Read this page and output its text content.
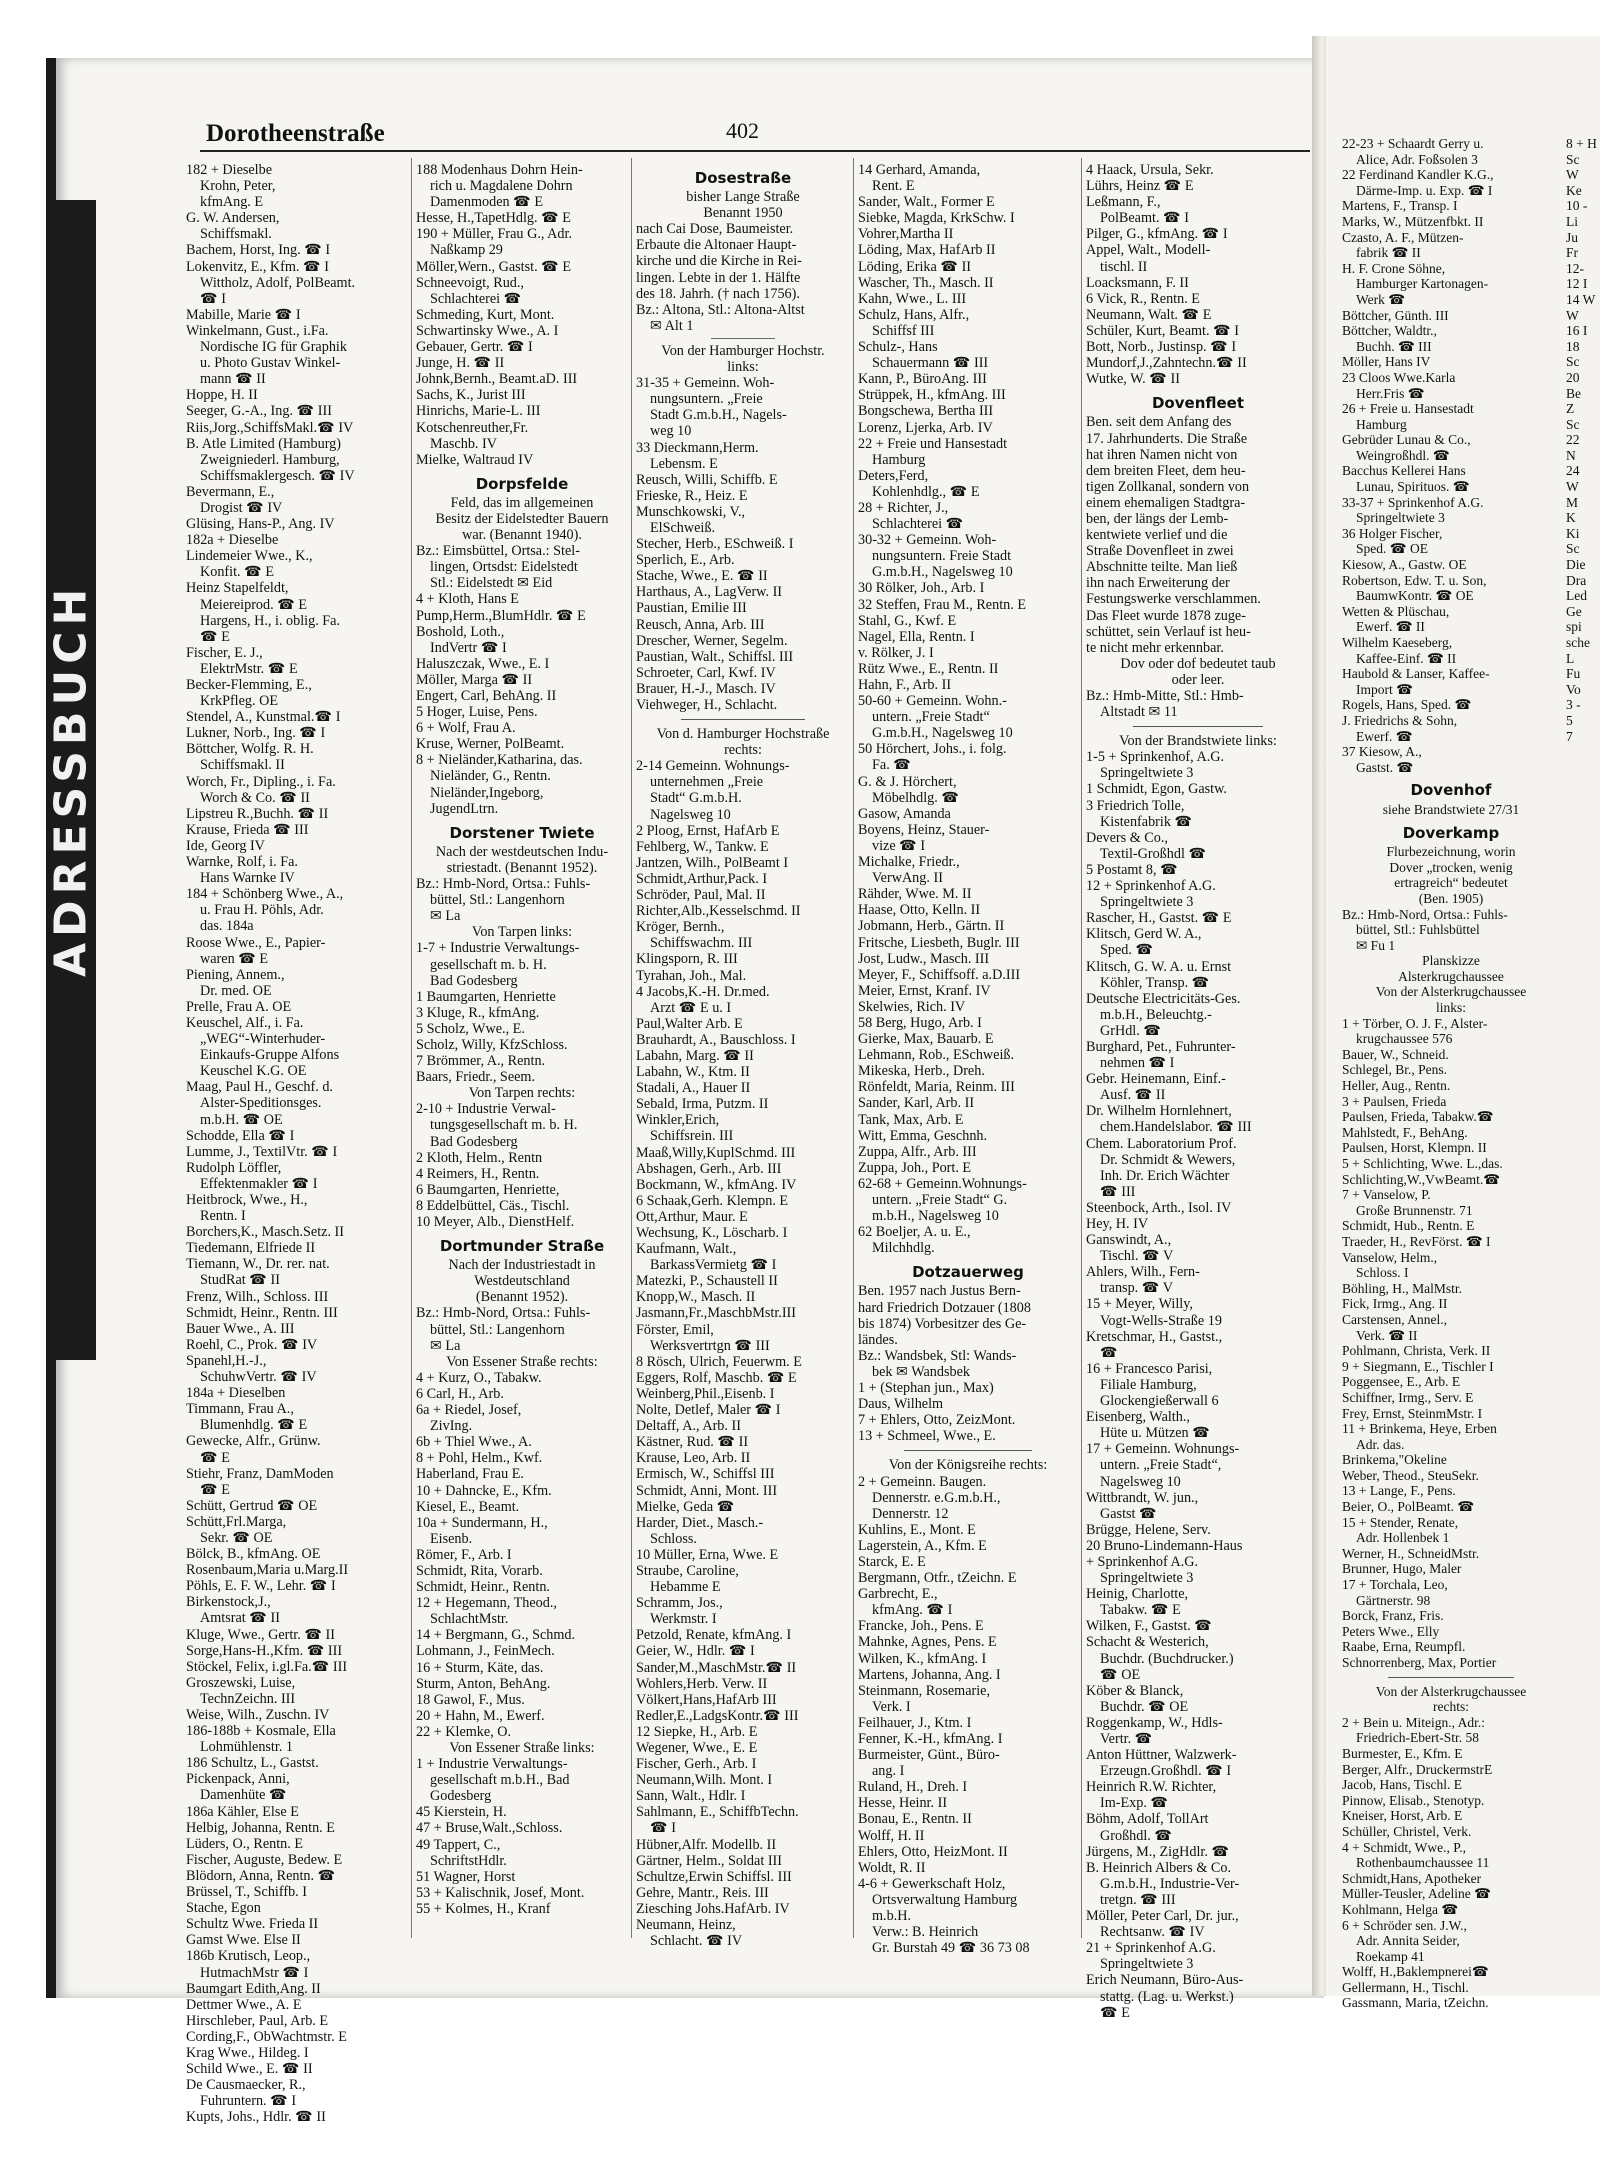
ADRESSBUCH
Dorotheenstraße	402
182 + Dieselbe
Krohn, Peter,
kfmAng. E
G. W. Andersen,
Schiffsmakl.
Bachem, Horst, Ing. ☎ I
Lokenvitz, E., Kfm. ☎ I
Wittholz, Adolf, PolBeamt.
☎ I
Mabille, Marie ☎ I
Winkelmann, Gust., i.Fa.
Nordische IG für Graphik
u. Photo Gustav Winkel-
mann ☎ II
Hoppe, H. II
Seeger, G.-A., Ing. ☎ III
Riis,Jorg.,SchiffsMakl.☎ IV
B. Atle Limited (Hamburg)
Zweigniederl. Hamburg,
Schiffsmaklergesch. ☎ IV
Bevermann, E.,
Drogist ☎ IV
Glüsing, Hans-P., Ang. IV
182a + Dieselbe
Lindemeier Wwe., K.,
Konfit. ☎ E
Heinz Stapelfeldt,
Meiereiprod. ☎ E
Hargens, H., i. oblig. Fa.
☎ E
Fischer, E. J.,
ElektrMstr. ☎ E
Becker-Flemming, E.,
KrkPfleg. OE
Stendel, A., Kunstmal.☎ I
Lukner, Norb., Ing. ☎ I
Böttcher, Wolfg. R. H.
Schiffsmakl. II
Worch, Fr., Dipling., i. Fa.
Worch & Co. ☎ II
Lipstreu R.,Buchh. ☎ II
Krause, Frieda ☎ III
Ide, Georg IV
Warnke, Rolf, i. Fa.
Hans Warnke IV
184 + Schönberg Wwe., A.,
u. Frau H. Pöhls, Adr.
das. 184a
Roose Wwe., E., Papier-
waren ☎ E
Piening, Annem.,
Dr. med. OE
Prelle, Frau A. OE
Keuschel, Alf., i. Fa.
„WEG“-Winterhuder-
Einkaufs-Gruppe Alfons
Keuschel K.G. OE
Maag, Paul H., Geschf. d.
Alster-Speditionsges.
m.b.H. ☎ OE
Schodde, Ella ☎ I
Lumme, J., TextilVtr. ☎ I
Rudolph Löffler,
Effektenmakler ☎ I
Heitbrock, Wwe., H.,
Rentn. I
Borchers,K., Masch.Setz. II
Tiedemann, Elfriede II
Tiemann, W., Dr. rer. nat.
StudRat ☎ II
Frenz, Wilh., Schloss. III
Schmidt, Heinr., Rentn. III
Bauer Wwe., A. III
Roehl, C., Prok. ☎ IV
Spanehl,H.-J.,
SchuhwVertr. ☎ IV
184a + Dieselben
Timmann, Frau A.,
Blumenhdlg. ☎ E
Gewecke, Alfr., Grünw.
☎ E
Stiehr, Franz, DamModen
☎ E
Schütt, Gertrud ☎ OE
Schütt,Frl.Marga,
Sekr. ☎ OE
Bölck, B., kfmAng. OE
Rosenbaum,Maria u.Marg.II
Pöhls, E. F. W., Lehr. ☎ I
Birkenstock,J.,
Amtsrat ☎ II
Kluge, Wwe., Gertr. ☎ II
Sorge,Hans-H.,Kfm. ☎ III
Stöckel, Felix, i.gl.Fa.☎ III
Groszewski, Luise,
TechnZeichn. III
Weise, Wilh., Zuschn. IV
186-188b + Kosmale, Ella
Lohmühlenstr. 1
186 Schultz, L., Gastst.
Pickenpack, Anni,
Damenhüte ☎
186a Kähler, Else E
Helbig, Johanna, Rentn. E
Lüders, O., Rentn. E
Fischer, Auguste, Bedew. E
Blödorn, Anna, Rentn. ☎
Brüssel, T., Schiffb. I
Stache, Egon
Schultz Wwe. Frieda II
Gamst Wwe. Else II
186b Krutisch, Leop.,
HutmachMstr ☎ I
Baumgart Edith,Ang. II
Dettmer Wwe., A. E
Hirschleber, Paul, Arb. E
Cording,F., ObWachtmstr. E
Krag Wwe., Hildeg. I
Schild Wwe., E. ☎ II
De Causmaecker, R.,
Fuhruntern. ☎ I
Kupts, Johs., Hdlr. ☎ II
188 Modenhaus Dohrn Hein-
rich u. Magdalene Dohrn
Damenmoden ☎ E
Hesse, H.,TapetHdlg. ☎ E
190 + Müller, Frau G., Adr.
Naßkamp 29
Möller,Wern., Gastst. ☎ E
Schneevoigt, Rud.,
Schlachterei ☎
Schmeding, Kurt, Mont.
Schwartinsky Wwe., A. I
Gebauer, Gertr. ☎ I
Junge, H. ☎ II
Johnk,Bernh., Beamt.aD. III
Sachs, K., Jurist III
Hinrichs, Marie-L. III
Kotschenreuther,Fr.
Maschb. IV
Mielke, Waltraud IV
Dorpsfelde
Feld, das im allgemeinen
Besitz der Eidelstedter Bauern
war. (Benannt 1940).
Bz.: Eimsbüttel, Ortsa.: Stel-
lingen, Ortsdst: Eidelstedt
Stl.: Eidelstedt ✉ Eid
4 + Kloth, Hans E
Pump,Herm.,BlumHdlr. ☎ E
Boshold, Loth.,
IndVertr ☎ I
Haluszczak, Wwe., E. I
Möller, Marga ☎ II
Engert, Carl, BehAng. II
5 Hoger, Luise, Pens.
6 + Wolf, Frau A.
Kruse, Werner, PolBeamt.
8 + Nieländer,Katharina, das.
Nieländer, G., Rentn.
Nieländer,Ingeborg,
JugendLtrn.
Dorstener Twiete
Nach der westdeutschen Indu-
striestadt. (Benannt 1952).
Bz.: Hmb-Nord, Ortsa.: Fuhls-
büttel, Stl.: Langenhorn
✉ La
Von Tarpen links:
1-7 + Industrie Verwaltungs-
gesellschaft m. b. H.
Bad Godesberg
1 Baumgarten, Henriette
3 Kluge, R., kfmAng.
5 Scholz, Wwe., E.
Scholz, Willy, KfzSchloss.
7 Brömmer, A., Rentn.
Baars, Friedr., Seem.
Von Tarpen rechts:
2-10 + Industrie Verwal-
tungsgesellschaft m. b. H.
Bad Godesberg
2 Kloth, Helm., Rentn
4 Reimers, H., Rentn.
6 Baumgarten, Henriette,
8 Eddelbüttel, Cäs., Tischl.
10 Meyer, Alb., DienstHelf.
Dortmunder Straße
Nach der Industriestadt in
Westdeutschland
(Benannt 1952).
Bz.: Hmb-Nord, Ortsa.: Fuhls-
büttel, Stl.: Langenhorn
✉ La
Von Essener Straße rechts:
4 + Kurz, O., Tabakw.
6 Carl, H., Arb.
6a + Riedel, Josef,
ZivIng.
6b + Thiel Wwe., A.
8 + Pohl, Helm., Kwf.
Haberland, Frau E.
10 + Dahncke, E., Kfm.
Kiesel, E., Beamt.
10a + Sundermann, H.,
Eisenb.
Römer, F., Arb. I
Schmidt, Rita, Vorarb.
Schmidt, Heinr., Rentn.
12 + Hegemann, Theod.,
SchlachtMstr.
14 + Bergmann, G., Schmd.
Lohmann, J., FeinMech.
16 + Sturm, Käte, das.
Sturm, Anton, BehAng.
18 Gawol, F., Mus.
20 + Hahn, M., Ewerf.
22 + Klemke, O.
Von Essener Straße links:
1 + Industrie Verwaltungs-
gesellschaft m.b.H., Bad
Godesberg
45 Kierstein, H.
47 + Bruse,Walt.,Schloss.
49 Tappert, C.,
SchriftstHdlr.
51 Wagner, Horst
53 + Kalischnik, Josef, Mont.
55 + Kolmes, H., Kranf
Dosestraße
bisher Lange Straße
Benannt 1950
nach Cai Dose, Baumeister.
Erbaute die Altonaer Haupt-
kirche und die Kirche in Rei-
lingen. Lebte in der 1. Hälfte
des 18. Jahrh. († nach 1756).
Bz.: Altona, Stl.: Altona-Altst
✉ Alt 1
Von der Hamburger Hochstr.
links:
31-35 + Gemeinn. Woh-
nungsuntern. „Freie
Stadt G.m.b.H., Nagels-
weg 10
33 Dieckmann,Herm.
Lebensm. E
Reusch, Willi, Schiffb. E
Frieske, R., Heiz. E
Munschkowski, V.,
ElSchweiß.
Stecher, Herb., ESchweiß. I
Sperlich, E., Arb.
Stache, Wwe., E. ☎ II
Harthaus, A., LagVerw. II
Paustian, Emilie III
Reusch, Anna, Arb. III
Drescher, Werner, Segelm.
Paustian, Walt., Schiffsl. III
Schroeter, Carl, Kwf. IV
Brauer, H.-J., Masch. IV
Viehweger, H., Schlacht.
Von d. Hamburger Hochstraße
rechts:
2-14 Gemeinn. Wohnungs-
unternehmen „Freie
Stadt“ G.m.b.H.
Nagelsweg 10
2 Ploog, Ernst, HafArb E
Fehlberg, W., Tankw. E
Jantzen, Wilh., PolBeamt I
Schmidt,Arthur,Pack. I
Schröder, Paul, Mal. II
Richter,Alb.,Kesselschmd. II
Kröger, Bernh.,
Schiffswachm. III
Klingsporn, R. III
Tyrahan, Joh., Mal.
4 Jacobs,K.-H. Dr.med.
Arzt ☎ E u. I
Paul,Walter Arb. E
Brauhardt, A., Bauschloss. I
Labahn, Marg. ☎ II
Labahn, W., Ktm. II
Stadali, A., Hauer II
Sebald, Irma, Putzm. II
Winkler,Erich,
Schiffsrein. III
Maaß,Willy,KuplSchmd. III
Abshagen, Gerh., Arb. III
Bockmann, W., kfmAng. IV
6 Schaak,Gerh. Klempn. E
Ott,Arthur, Maur. E
Wechsung, K., Löscharb. I
Kaufmann, Walt.,
BarkassVermietg ☎ I
Matezki, P., Schaustell II
Knopp,W., Masch. II
Jasmann,Fr.,MaschbMstr.III
Förster, Emil,
Werksvertrtgn ☎ III
8 Rösch, Ulrich, Feuerwm. E
Eggers, Rolf, Maschb. ☎ E
Weinberg,Phil.,Eisenb. I
Nolte, Detlef, Maler ☎ I
Deltaff, A., Arb. II
Kästner, Rud. ☎ II
Krause, Leo, Arb. II
Ermisch, W., Schiffsl III
Schmidt, Anni, Mont. III
Mielke, Geda ☎
Harder, Diet., Masch.-
Schloss.
10 Müller, Erna, Wwe. E
Straube, Caroline,
Hebamme E
Schramm, Jos.,
Werkmstr. I
Petzold, Renate, kfmAng. I
Geier, W., Hdlr. ☎ I
Sander,M.,MaschMstr.☎ II
Wohlers,Herb. Verw. II
Völkert,Hans,HafArb III
Redler,E.,LadgsKontr.☎ III
12 Siepke, H., Arb. E
Wegener, Wwe., E. E
Fischer, Gerh., Arb. I
Neumann,Wilh. Mont. I
Sann, Walt., Hdlr. I
Sahlmann, E., SchiffbTechn.
☎ I
Hübner,Alfr. Modellb. II
Gärtner, Helm., Soldat III
Schultze,Erwin Schiffsl. III
Gehre, Mantr., Reis. III
Ziesching Johs.HafArb. IV
Neumann, Heinz,
Schlacht. ☎ IV
14 Gerhard, Amanda,
Rent. E
Sander, Walt., Former E
Siebke, Magda, KrkSchw. I
Vohrer,Martha II
Löding, Max, HafArb II
Löding, Erika ☎ II
Wascher, Th., Masch. II
Kahn, Wwe., L. III
Schulz, Hans, Alfr.,
Schiffsf III
Schulz-, Hans
Schauermann ☎ III
Kann, P., BüroAng. III
Strüppek, H., kfmAng. III
Bongschewa, Bertha III
Lorenz, Ljerka, Arb. IV
22 + Freie und Hansestadt
Hamburg
Deters,Ferd,
Kohlenhdlg., ☎ E
28 + Richter, J.,
Schlachterei ☎
30-32 + Gemeinn. Woh-
nungsuntern. Freie Stadt
G.m.b.H., Nagelsweg 10
30 Rölker, Joh., Arb. I
32 Steffen, Frau M., Rentn. E
Stahl, G., Kwf. E
Nagel, Ella, Rentn. I
v. Rölker, J. I
Rütz Wwe., E., Rentn. II
Hahn, F., Arb. II
50-60 + Gemeinn. Wohn.-
untern. „Freie Stadt“
G.m.b.H., Nagelsweg 10
50 Hörchert, Johs., i. folg.
Fa. ☎
G. & J. Hörchert,
Möbelhdlg. ☎
Gasow, Amanda
Boyens, Heinz, Stauer-
vize ☎ I
Michalke, Friedr.,
VerwAng. II
Rähder, Wwe. M. II
Haase, Otto, Kelln. II
Jobmann, Herb., Gärtn. II
Fritsche, Liesbeth, Buglr. III
Jost, Ludw., Masch. III
Meyer, F., Schiffsoff. a.D.III
Meier, Ernst, Kranf. IV
Skelwies, Rich. IV
58 Berg, Hugo, Arb. I
Gierke, Max, Bauarb. E
Lehmann, Rob., ESchweiß.
Mikeska, Herb., Dreh.
Rönfeldt, Maria, Reinm. III
Sander, Karl, Arb. II
Tank, Max, Arb. E
Witt, Emma, Geschnh.
Zuppa, Alfr., Arb. III
Zuppa, Joh., Port. E
62-68 + Gemeinn.Wohnungs-
untern. „Freie Stadt“ G.
m.b.H., Nagelsweg 10
62 Boeljer, A. u. E.,
Milchhdlg.
Dotzauerweg
Ben. 1957 nach Justus Bern-
hard Friedrich Dotzauer (1808
bis 1874) Vorbesitzer des Ge-
ländes.
Bz.: Wandsbek, Stl: Wands-
bek ✉ Wandsbek
1 + (Stephan jun., Max)
Daus, Wilhelm
7 + Ehlers, Otto, ZeizMont.
13 + Schmeel, Wwe., E.
Von der Königsreihe rechts:
2 + Gemeinn. Baugen.
Dennerstr. e.G.m.b.H.,
Dennerstr. 12
Kuhlins, E., Mont. E
Lagerstein, A., Kfm. E
Starck, E. E
Bergmann, Otfr., tZeichn. E
Garbrecht, E.,
kfmAng. ☎ I
Francke, Joh., Pens. E
Mahnke, Agnes, Pens. E
Wilken, K., kfmAng. I
Martens, Johanna, Ang. I
Steinmann, Rosemarie,
Verk. I
Feilhauer, J., Ktm. I
Fenner, K.-H., kfmAng. I
Burmeister, Günt., Büro-
ang. I
Ruland, H., Dreh. I
Hesse, Heinr. II
Bonau, E., Rentn. II
Wolff, H. II
Ehlers, Otto, HeizMont. II
Woldt, R. II
4-6 + Gewerkschaft Holz,
Ortsverwaltung Hamburg
m.b.H.
Verw.: B. Heinrich
Gr. Burstah 49 ☎ 36 73 08
4 Haack, Ursula, Sekr.
Lührs, Heinz ☎ E
Leßmann, F.,
PolBeamt. ☎ I
Pilger, G., kfmAng. ☎ I
Appel, Walt., Modell-
tischl. II
Loacksmann, F. II
6 Vick, R., Rentn. E
Neumann, Walt. ☎ E
Schüler, Kurt, Beamt. ☎ I
Bott, Norb., Justinsp. ☎ I
Mundorf,J.,Zahntechn.☎ II
Wutke, W. ☎ II
Dovenfleet
Ben. seit dem Anfang des
17. Jahrhunderts. Die Straße
hat ihren Namen nicht von
dem breiten Fleet, dem heu-
tigen Zollkanal, sondern von
einem ehemaligen Stadtgra-
ben, der längs der Lemb-
kentwiete verlief und die
Straße Dovenfleet in zwei
Abschnitte teilte. Man ließ
ihn nach Erweiterung der
Festungswerke verschlammen.
Das Fleet wurde 1878 zuge-
schüttet, sein Verlauf ist heu-
te nicht mehr erkennbar.
Dov oder dof bedeutet taub
oder leer.
Bz.: Hmb-Mitte, Stl.: Hmb-
Altstadt ✉ 11
Von der Brandstwiete links:
1-5 + Sprinkenhof, A.G.
Springeltwiete 3
1 Schmidt, Egon, Gastw.
3 Friedrich Tolle,
Kistenfabrik ☎
Devers & Co.,
Textil-Großhdl ☎
5 Postamt 8, ☎
12 + Sprinkenhof A.G.
Springeltwiete 3
Rascher, H., Gastst. ☎ E
Klitsch, Gerd W. A.,
Sped. ☎
Klitsch, G. W. A. u. Ernst
Köhler, Transp. ☎
Deutsche Electricitäts-Ges.
m.b.H., Beleuchtg.-
GrHdl. ☎
Burghard, Pet., Fuhrunter-
nehmen ☎ I
Gebr. Heinemann, Einf.-
Ausf. ☎ II
Dr. Wilhelm Hornlehnert,
chem.Handelslabor. ☎ III
Chem. Laboratorium Prof.
Dr. Schmidt & Wewers,
Inh. Dr. Erich Wächter
☎ III
Steenbock, Arth., Isol. IV
Hey, H. IV
Ganswindt, A.,
Tischl. ☎ V
Ahlers, Wilh., Fern-
transp. ☎ V
15 + Meyer, Willy,
Vogt-Wells-Straße 19
Kretschmar, H., Gastst.,
☎
16 + Francesco Parisi,
Filiale Hamburg,
Glockengießerwall 6
Eisenberg, Walth.,
Hüte u. Mützen ☎
17 + Gemeinn. Wohnungs-
untern. „Freie Stadt“,
Nagelsweg 10
Wittbrandt, W. jun.,
Gastst ☎
Brügge, Helene, Serv.
20 Bruno-Lindemann-Haus
+ Sprinkenhof A.G.
Springeltwiete 3
Heinig, Charlotte,
Tabakw. ☎ E
Wilken, F., Gastst. ☎
Schacht & Westerich,
Buchdr. (Buchdrucker.)
☎ OE
Köber & Blanck,
Buchdr. ☎ OE
Roggenkamp, W., Hdls-
Vertr. ☎
Anton Hüttner, Walzwerk-
Erzeugn.Großhdl. ☎ I
Heinrich R.W. Richter,
Im-Exp. ☎
Böhm, Adolf, TollArt
Großhdl. ☎
Jürgens, M., ZigHdlr. ☎
B. Heinrich Albers & Co.
G.m.b.H., Industrie-Ver-
tretgn. ☎ III
Möller, Peter Carl, Dr. jur.,
Rechtsanw. ☎ IV
21 + Sprinkenhof A.G.
Springeltwiete 3
Erich Neumann, Büro-Aus-
stattg. (Lag. u. Werkst.)
☎ E
22-23 + Schaardt Gerry u.
Alice, Adr. Foßsolen 3
22 Ferdinand Kandler K.G.,
Därme-Imp. u. Exp. ☎ I
Martens, F., Transp. I
Marks, W., Mützenfbkt. II
Czasto, A. F., Mützen-
fabrik ☎ II
H. F. Crone Söhne,
Hamburger Kartonagen-
Werk ☎
Böttcher, Günth. III
Böttcher, Waldtr.,
Buchh. ☎ III
Möller, Hans IV
23 Cloos Wwe.Karla
Herr.Fris ☎
26 + Freie u. Hansestadt
Hamburg
Gebrüder Lunau & Co.,
Weingroßhdl. ☎
Bacchus Kellerei Hans
Lunau, Spirituos. ☎
33-37 + Sprinkenhof A.G.
Springeltwiete 3
36 Holger Fischer,
Sped. ☎ OE
Kiesow, A., Gastw. OE
Robertson, Edw. T. u. Son,
BaumwKontr. ☎ OE
Wetten & Plüschau,
Ewerf. ☎ II
Wilhelm Kaeseberg,
Kaffee-Einf. ☎ II
Haubold & Lanser, Kaffee-
Import ☎
Rogels, Hans, Sped. ☎
J. Friedrichs & Sohn,
Ewerf. ☎
37 Kiesow, A.,
Gastst. ☎
Dovenhof
siehe Brandstwiete 27/31
Doverkamp
Flurbezeichnung, worin
Dover „trocken, wenig
ertragreich“ bedeutet
(Ben. 1905)
Bz.: Hmb-Nord, Ortsa.: Fuhls-
büttel, Stl.: Fuhlsbüttel
✉ Fu 1
Planskizze
Alsterkrugchaussee
Von der Alsterkrugchaussee
links:
1 + Törber, O. J. F., Alster-
krugchaussee 576
Bauer, W., Schneid.
Schlegel, Br., Pens.
Heller, Aug., Rentn.
3 + Paulsen, Frieda
Paulsen, Frieda, Tabakw.☎
Mahlstedt, F., BehAng.
Paulsen, Horst, Klempn. II
5 + Schlichting, Wwe. L.,das.
Schlichting,W.,VwBeamt.☎
7 + Vanselow, P.
Große Brunnenstr. 71
Schmidt, Hub., Rentn. E
Traeder, H., RevFörst. ☎ I
Vanselow, Helm.,
Schloss. I
Böhling, H., MalMstr.
Fick, Irmg., Ang. II
Carstensen, Annel.,
Verk. ☎ II
Pohlmann, Christa, Verk. II
9 + Siegmann, E., Tischler I
Poggensee, E., Arb. E
Schiffner, Irmg., Serv. E
Frey, Ernst, SteinmMstr. I
11 + Brinkema, Heye, Erben
Adr. das.
Brinkema,"Okeline
Weber, Theod., SteuSekr.
13 + Lange, F., Pens.
Beier, O., PolBeamt. ☎
15 + Stender, Renate,
Adr. Hollenbek 1
Werner, H., SchneidMstr.
Brunner, Hugo, Maler
17 + Torchala, Leo,
Gärtnerstr. 98
Borck, Franz, Fris.
Peters Wwe., Elly
Raabe, Erna, Reumpfl.
Schnorrenberg, Max, Portier
Von der Alsterkrugchaussee
rechts:
2 + Bein u. Miteign., Adr.:
Friedrich-Ebert-Str. 58
Burmester, E., Kfm. E
Berger, Alfr., DruckermstrE
Jacob, Hans, Tischl. E
Pinnow, Elisab., Stenotyp.
Kneiser, Horst, Arb. E
Schüller, Christel, Verk.
4 + Schmidt, Wwe., P.,
Rothenbaumchaussee 11
Schmidt,Hans, Apotheker
Müller-Teusler, Adeline ☎
Kohlmann, Helga ☎
6 + Schröder sen. J.W.,
Adr. Annita Seider,
Roekamp 41
Wolff, H.,Baklempnerei☎
Gellermann, H., Tischl.
Gassmann, Maria, tZeichn.
8 + H
Sc
W
Ke
10 -
Li
Ju
Fr
12-
12 I
14 W
W
16 I
18
Sc
20
Be
Z
Sc
22
N
24
W
M
K
Ki
Sc
Die
Dra
Led
Ge
spi
sche
L
Fu
Vo
3 -
5
7
